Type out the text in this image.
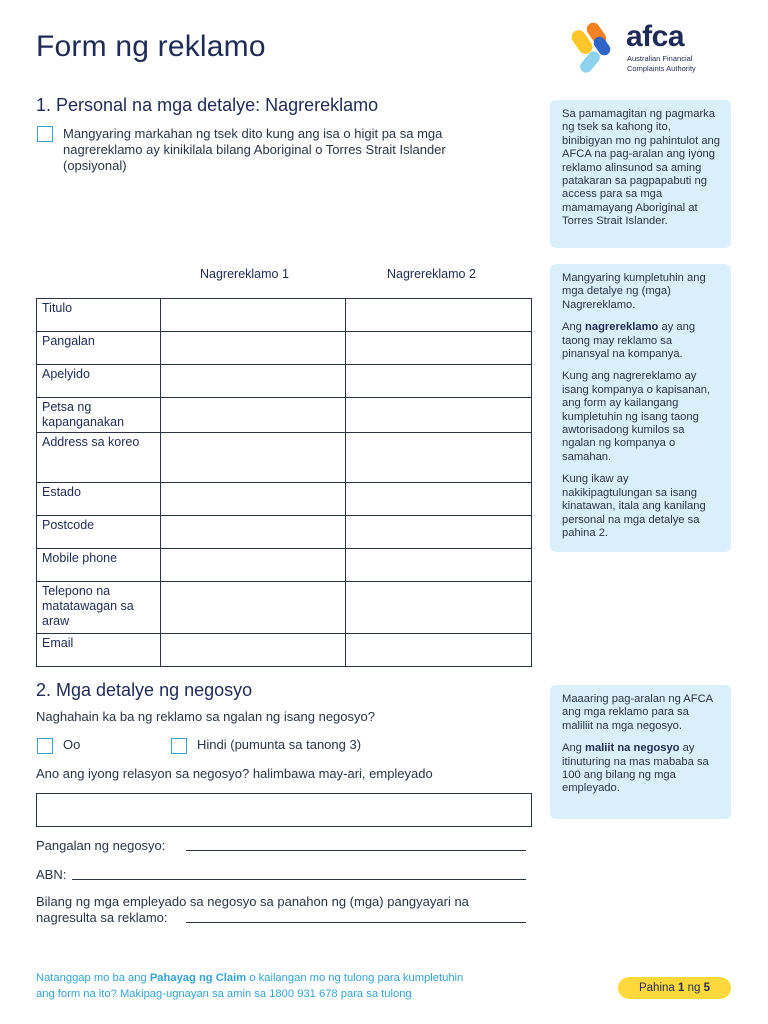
Form ng reklamo	afca
Australian Financial Complaints Authority
1. Personal na mga detalye: Nagrereklamo
Mangyaring markahan ng tsek dito kung ang isa o higit pa sa mga nagrereklamo ay kinikilala bilang Aboriginal o Torres Strait Islander (opsiyonal)
Nagrereklamo 1	Nagrereklamo 2
Titulo		
Pangalan		
Apelyido		
Petsa ng kapanganakan		
Address sa koreo		
Estado		
Postcode		
Mobile phone		
Telepono na matatawagan sa araw		
Email		

Sa pamamagitan ng pagmarka ng tsek sa kahong ito, binibigyan mo ng pahintulot ang AFCA na pag-aralan ang iyong reklamo alinsunod sa aming patakaran sa pagpapabuti ng access para sa mga mamamayang Aboriginal at Torres Strait Islander.

Mangyaring kumpletuhin ang mga detalye ng (mga) Nagrereklamo.

Ang nagrereklamo ay ang taong may reklamo sa pinansyal na kompanya.

Kung ang nagrereklamo ay isang kompanya o kapisanan, ang form ay kailangang kumpletuhin ng isang taong awtorisadong kumilos sa ngalan ng kompanya o samahan.

Kung ikaw ay nakikipagtulungan sa isang kinatawan, itala ang kanilang personal na mga detalye sa pahina 2.

2. Mga detalye ng negosyo
Naghahain ka ba ng reklamo sa ngalan ng isang negosyo?
Oo	Hindi (pumunta sa tanong 3)
Ano ang iyong relasyon sa negosyo? halimbawa may-ari, empleyado
Pangalan ng negosyo:
ABN:
Bilang ng mga empleyado sa negosyo sa panahon ng (mga) pangyayari na
nagresulta sa reklamo:

Maaaring pag-aralan ng AFCA ang mga reklamo para sa maliliit na mga negosyo.

Ang maliit na negosyo ay itinuturing na mas mababa sa 100 ang bilang ng mga empleyado.

Natanggap mo ba ang Pahayag ng Claim o kailangan mo ng tulong para kumpletuhin
ang form na ito? Makipag-ugnayan sa amin sa 1800 931 678 para sa tulong	Pahina 1 ng 5
